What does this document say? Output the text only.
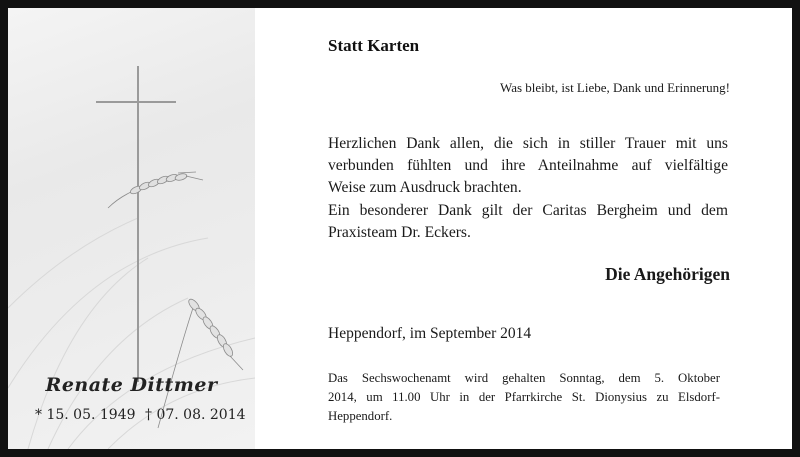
Renate Dittmer
* 15. 05. 1949 † 07. 08. 2014
Statt Karten
Was bleibt, ist Liebe, Dank und Erinnerung!
Herzlichen Dank allen, die sich in stiller Trauer mit uns
verbunden fühlten und ihre Anteilnahme auf vielfältige
Weise zum Ausdruck brachten.
Ein besonderer Dank gilt der Caritas Bergheim und dem
Praxisteam Dr. Eckers.
Die Angehörigen
Heppendorf, im September 2014
Das Sechswochenamt wird gehalten Sonntag, dem 5. Oktober
2014, um 11.00 Uhr in der Pfarrkirche St. Dionysius zu Elsdorf-
Heppendorf.
